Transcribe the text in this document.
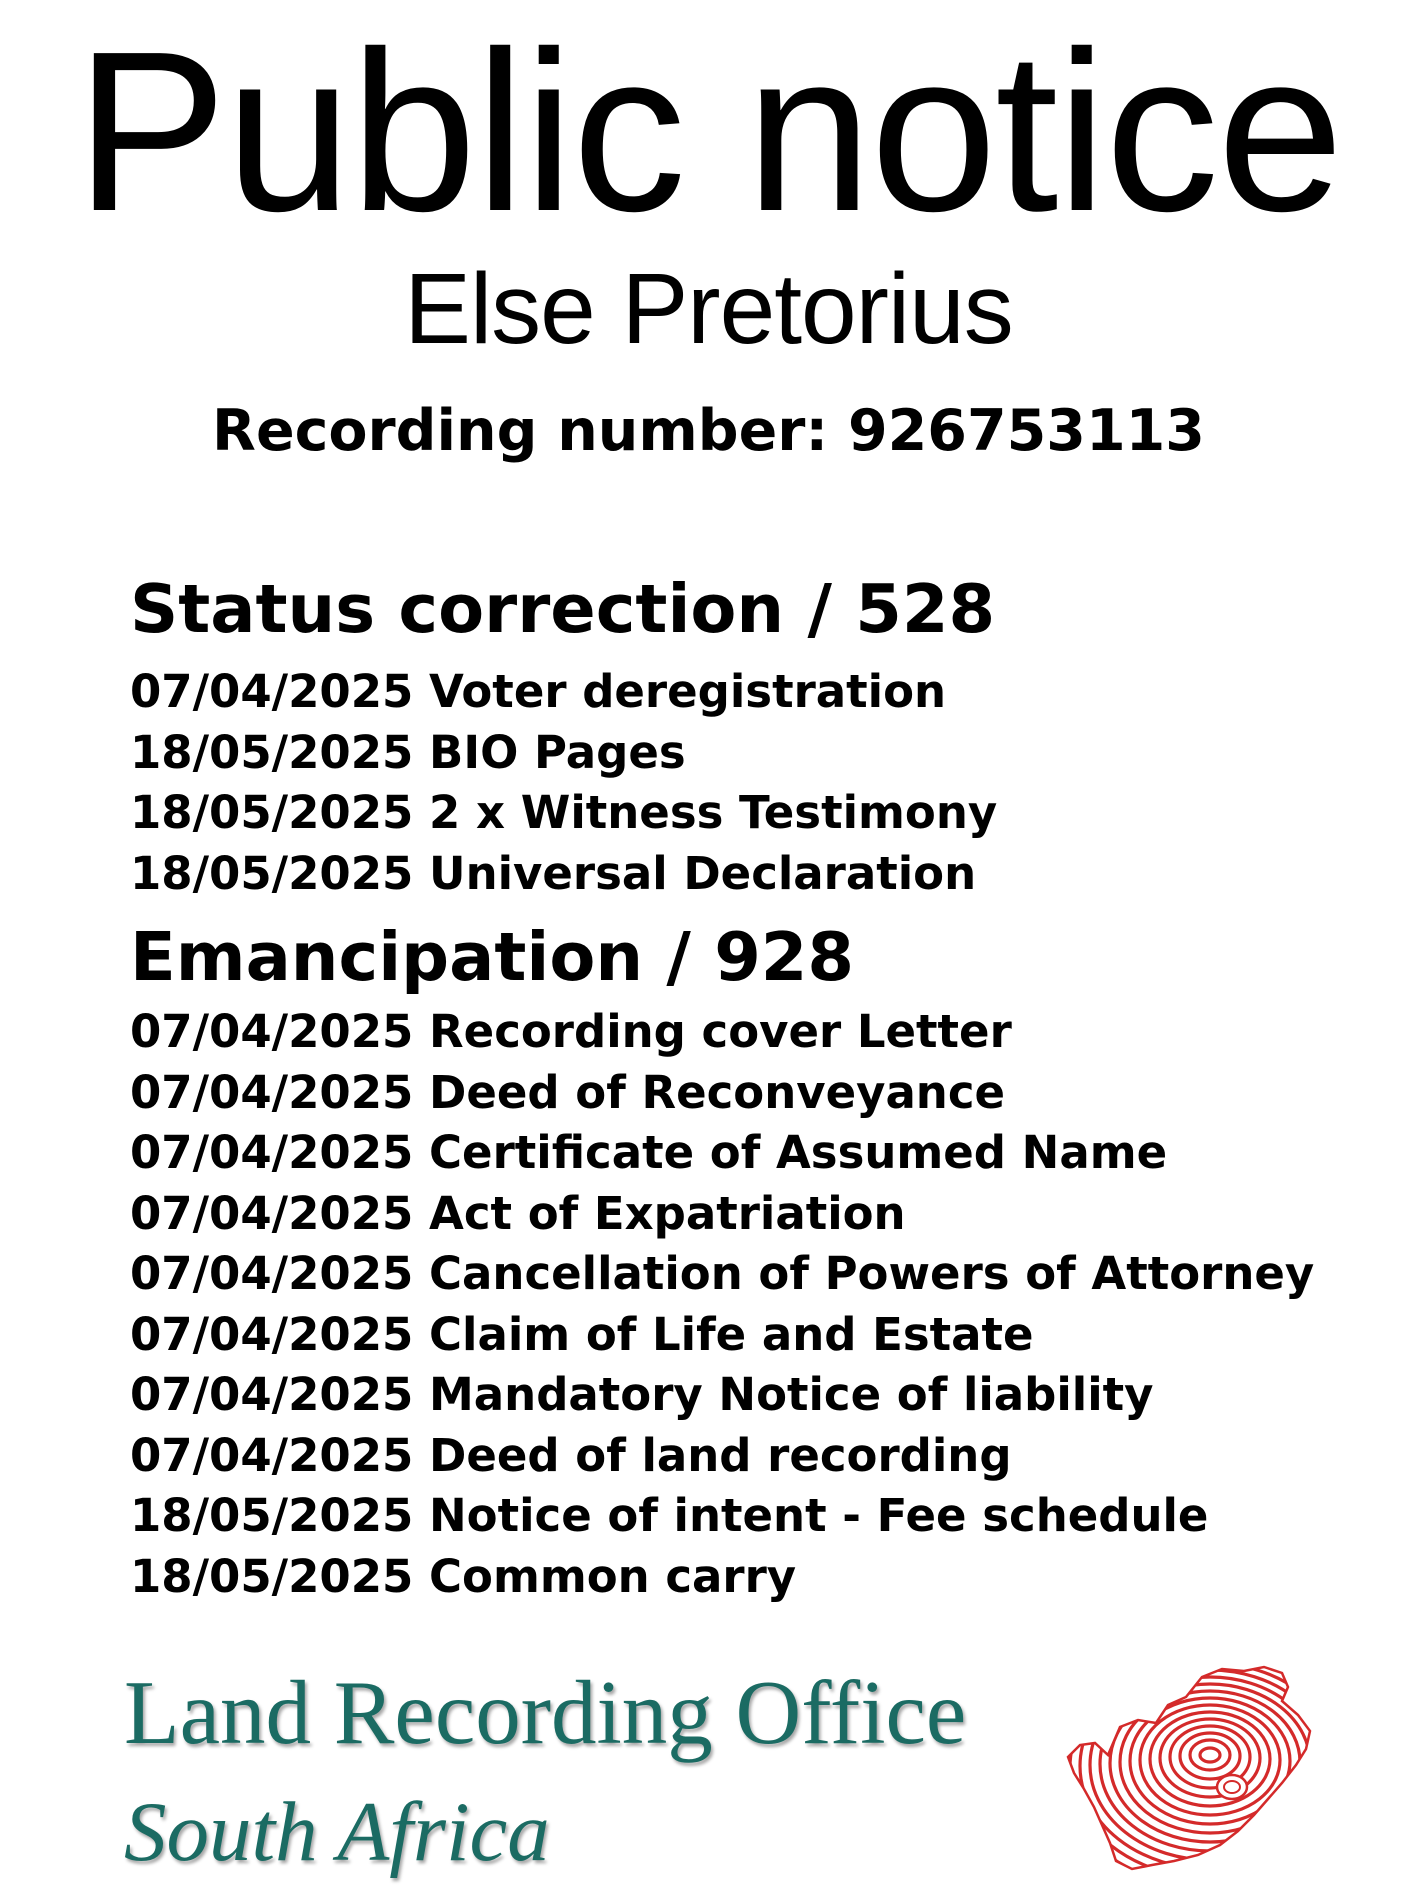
Public notice
Else Pretorius
Recording number: 926753113
Status correction / 528
07/04/2025 Voter deregistration
18/05/2025 BIO Pages
18/05/2025 2 x Witness Testimony
18/05/2025 Universal Declaration
Emancipation / 928
07/04/2025 Recording cover Letter
07/04/2025 Deed of Reconveyance
07/04/2025 Certificate of Assumed Name
07/04/2025 Act of Expatriation
07/04/2025 Cancellation of Powers of Attorney
07/04/2025 Claim of Life and Estate
07/04/2025 Mandatory Notice of liability
07/04/2025 Deed of land recording
18/05/2025 Notice of intent - Fee schedule
18/05/2025 Common carry
Land Recording Office
South Africa
